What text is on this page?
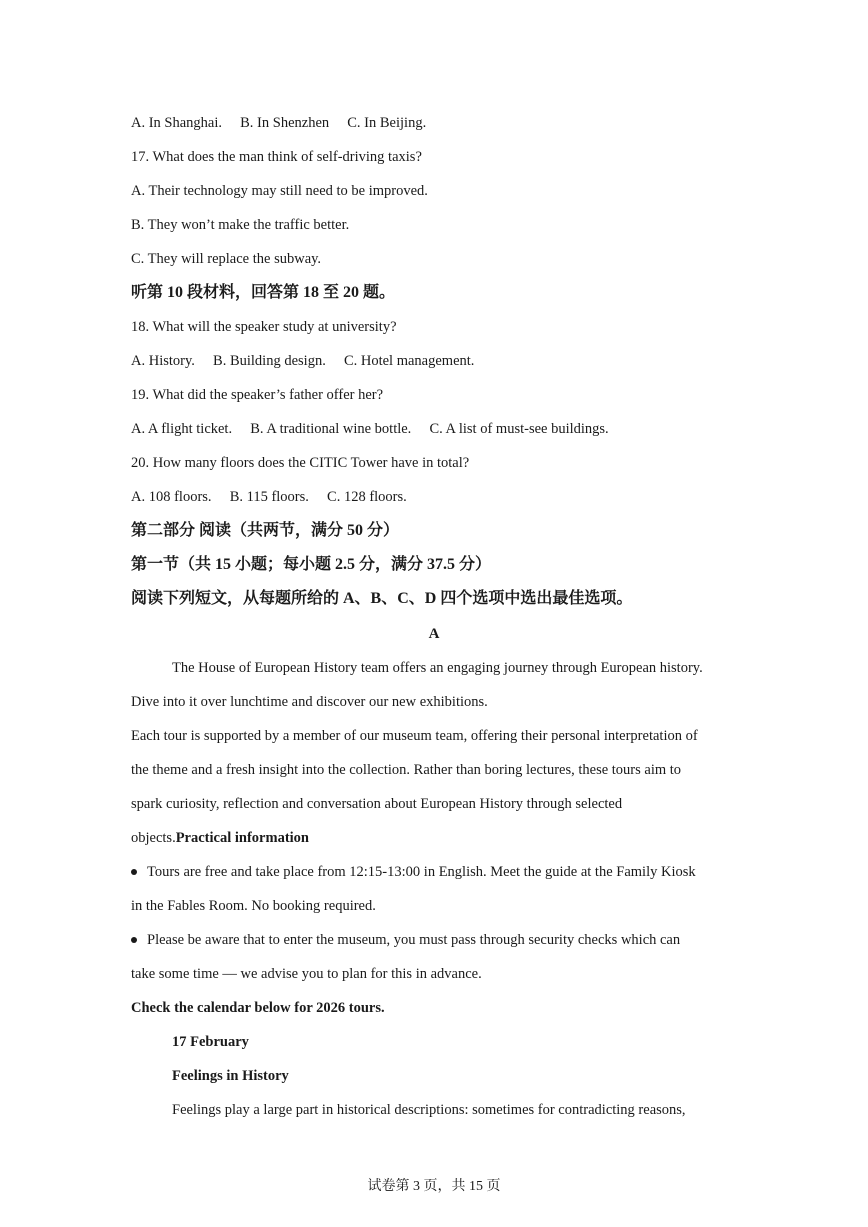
A. In Shanghai. B. In Shenzhen C. In Beijing.
17. What does the man think of self-driving taxis?
A. Their technology may still need to be improved.
B. They won’t make the traffic better.
C. They will replace the subway.
听第 10 段材料，回答第 18 至 20 题。
18. What will the speaker study at university?
A. History. B. Building design. C. Hotel management.
19. What did the speaker’s father offer her?
A. A flight ticket. B. A traditional wine bottle. C. A list of must-see buildings.
20. How many floors does the CITIC Tower have in total?
A. 108 floors. B. 115 floors. C. 128 floors.
第二部分 阅读（共两节，满分 50 分）
第一节（共 15 小题；每小题 2.5 分，满分 37.5 分）
阅读下列短文，从每题所给的 A、B、C、D 四个选项中选出最佳选项。
A
The House of European History team offers an engaging journey through European history.
Dive into it over lunchtime and discover our new exhibitions.
Each tour is supported by a member of our museum team, offering their personal interpretation of
the theme and a fresh insight into the collection. Rather than boring lectures, these tours aim to
spark curiosity, reflection and conversation about European History through selected
objects.Practical information
Tours are free and take place from 12:15-13:00 in English. Meet the guide at the Family Kiosk
in the Fables Room. No booking required.
Please be aware that to enter the museum, you must pass through security checks which can
take some time — we advise you to plan for this in advance.
Check the calendar below for 2026 tours.
17 February
Feelings in History
Feelings play a large part in historical descriptions: sometimes for contradicting reasons,
试卷第 3 页，共 15 页
